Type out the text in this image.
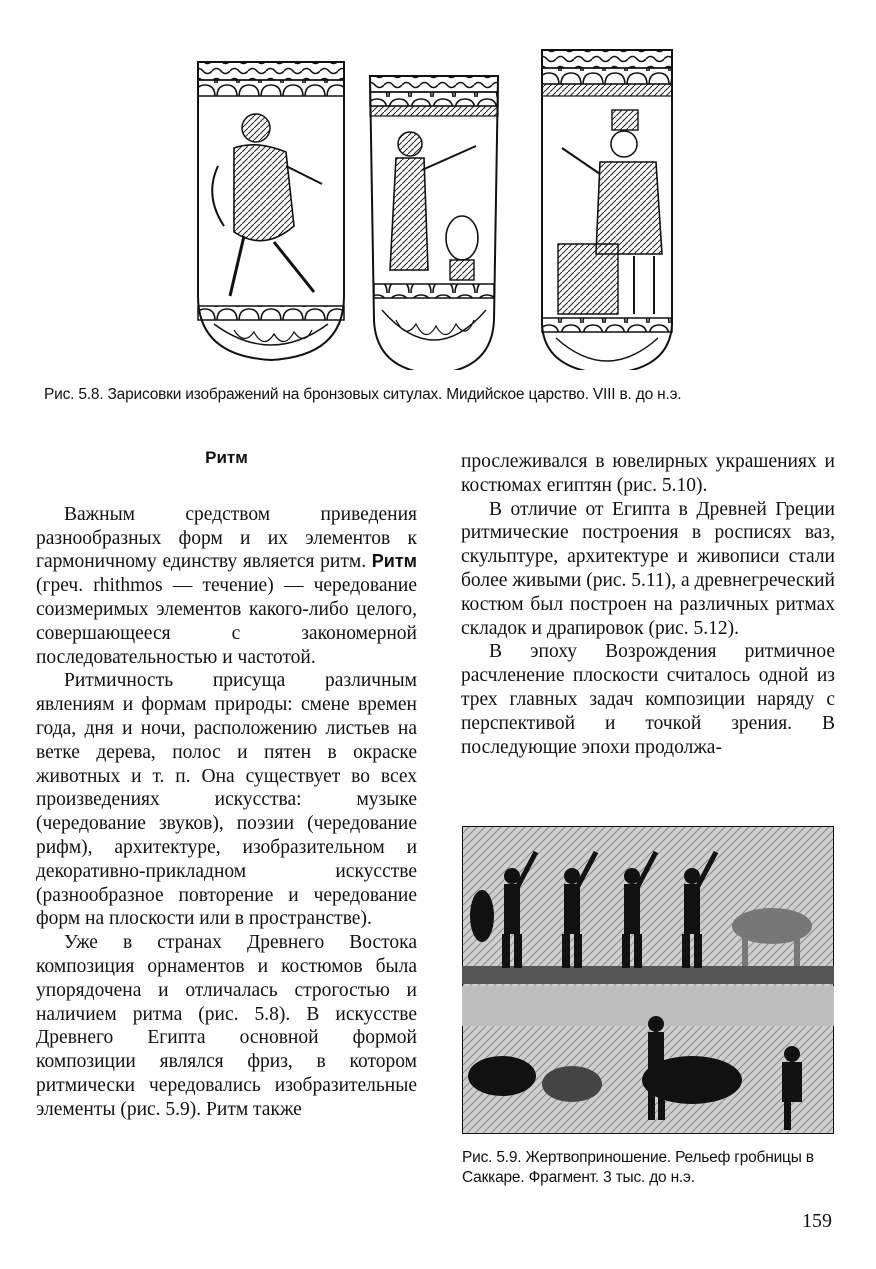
Рис. 5.8. Зарисовки изображений на бронзовых ситулах. Мидийское царство. VIII в. до н.э.

Ритм

Важным средством приведения разнообразных форм и их элементов к гармоничному единству является ритм. Ритм (греч. rhithmos — течение) — чередование соизмеримых элементов какого-либо целого, совершающееся с закономерной последовательностью и частотой.

Ритмичность присуща различным явлениям и формам природы: смене времен года, дня и ночи, расположению листьев на ветке дерева, полос и пятен в окраске животных и т. п. Она существует во всех произведениях искусства: музыке (чередование звуков), поэзии (чередование рифм), архитектуре, изобразительном и декоративно-прикладном искусстве (разнообразное повторение и чередование форм на плоскости или в пространстве).

Уже в странах Древнего Востока композиция орнаментов и костюмов была упорядочена и отличалась строгостью и наличием ритма (рис. 5.8). В искусстве Древнего Египта основной формой композиции являлся фриз, в котором ритмически чередовались изобразительные элементы (рис. 5.9). Ритм также

прослеживался в ювелирных украшениях и костюмах египтян (рис. 5.10).

В отличие от Египта в Древней Греции ритмические построения в росписях ваз, скульптуре, архитектуре и живописи стали более живыми (рис. 5.11), а древнегреческий костюм был построен на различных ритмах складок и драпировок (рис. 5.12).

В эпоху Возрождения ритмичное расчленение плоскости считалось одной из трех главных задач композиции наряду с перспективой и точкой зрения. В последующие эпохи продолжа-

Рис. 5.9. Жертвоприношение. Рельеф гробницы в Саккаре. Фрагмент. 3 тыс. до н.э.
159
